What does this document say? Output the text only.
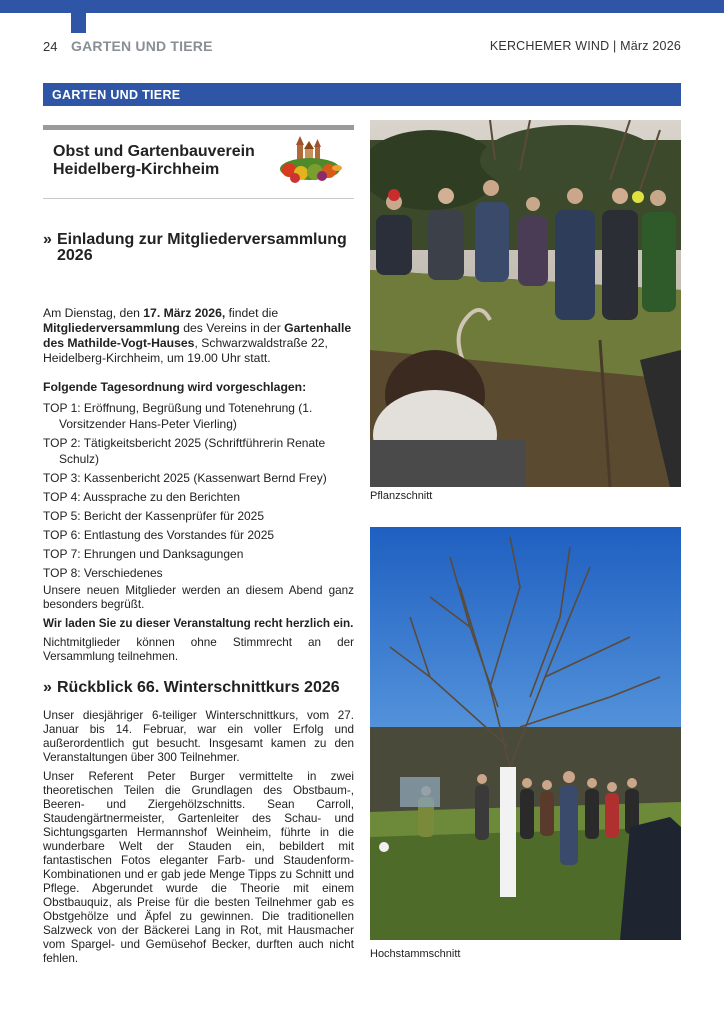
24 GARTEN UND TIERE	KERCHEMER WIND | März 2026
GARTEN UND TIERE
Obst und Gartenbauverein
Heidelberg-Kirchheim
» Einladung zur Mitgliederversammlung
2026

Am Dienstag, den 17. März 2026, findet die Mitgliederversammlung des Vereins in der Gartenhalle des Mathilde-Vogt-Hauses, Schwarzwaldstraße 22, Heidelberg-Kirchheim, um 19.00 Uhr statt.

Folgende Tagesordnung wird vorgeschlagen:

TOP 1: Eröffnung, Begrüßung und Totenehrung (1. Vorsitzender Hans-Peter Vierling)

TOP 2: Tätigkeitsbericht 2025 (Schriftführerin Renate Schulz)

TOP 3: Kassenbericht 2025 (Kassenwart Bernd Frey)

TOP 4: Aussprache zu den Berichten

TOP 5: Bericht der Kassenprüfer für 2025

TOP 6: Entlastung des Vorstandes für 2025

TOP 7: Ehrungen und Danksagungen

TOP 8: Verschiedenes

Unsere neuen Mitglieder werden an diesem Abend ganz besonders begrüßt.

Wir laden Sie zu dieser Veranstaltung recht herzlich ein.

Nichtmitglieder können ohne Stimmrecht an der Versammlung teilnehmen.

» Rückblick 66. Winterschnittkurs 2026

Unser diesjähriger 6-teiliger Winterschnittkurs, vom 27. Januar bis 14. Februar, war ein voller Erfolg und außerordentlich gut besucht. Insgesamt kamen zu den Veranstaltungen über 300 Teilnehmer.

Unser Referent Peter Burger vermittelte in zwei theoretischen Teilen die Grundlagen des Obstbaum-, Beeren- und Ziergehölzschnitts. Sean Carroll, Staudengärtnermeister, Gartenleiter des Schau- und Sichtungsgarten Hermannshof Weinheim, führte in die wunderbare Welt der Stauden ein, bebildert mit fantastischen Fotos eleganter Farb- und Staudenform- Kombinationen und er gab jede Menge Tipps zu Schnitt und Pflege. Abgerundet wurde die Theorie mit einem Obstbauquiz, als Preise für die besten Teilnehmer gab es Obstgehölze und Äpfel zu gewinnen. Die traditionellen Salzweck von der Bäckerei Lang in Rot, mit Hausmacher vom Spargel- und Gemüsehof Becker, durften auch nicht fehlen.

Pflanzschnitt
Hochstammschnitt
